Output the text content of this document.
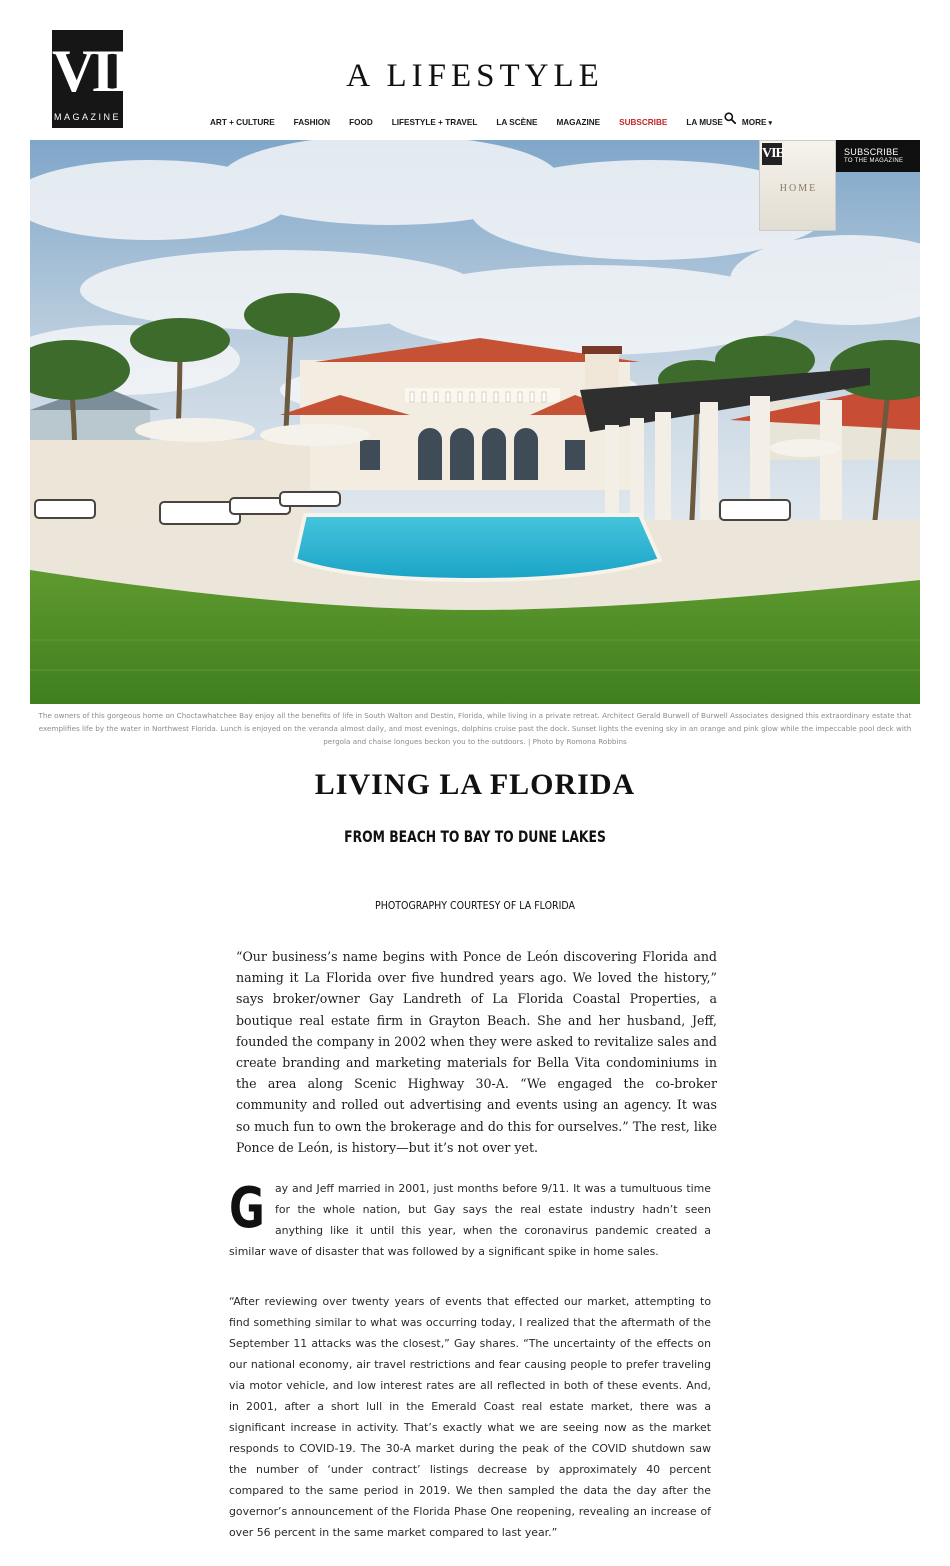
VIE
MAGAZINE
A LIFESTYLE
ART + CULTURE FASHION FOOD LIFESTYLE + TRAVEL LA SCÈNE MAGAZINE SUBSCRIBE LA MUSE MORE ▾
VIE
HOME
SUBSCRIBE
TO THE MAGAZINE

The owners of this gorgeous home on Choctawhatchee Bay enjoy all the benefits of life in South Walton and Destin, Florida, while living in a private retreat. Architect Gerald Burwell of Burwell Associates designed this extraordinary estate that exemplifies life by the water in Northwest Florida. Lunch is enjoyed on the veranda almost daily, and most evenings, dolphins cruise past the dock. Sunset lights the evening sky in an orange and pink glow while the impeccable pool deck with pergola and chaise longues beckon you to the outdoors. | Photo by Romona Robbins

LIVING LA FLORIDA
FROM BEACH TO BAY TO DUNE LAKES
PHOTOGRAPHY COURTESY OF LA FLORIDA

“Our business’s name begins with Ponce de León discovering Florida and naming it La Florida over five hundred years ago. We loved the history,” says broker/owner Gay Landreth of La Florida Coastal Properties, a boutique real estate firm in Grayton Beach. She and her husband, Jeff, founded the company in 2002 when they were asked to revitalize sales and create branding and marketing materials for Bella Vita condominiums in the area along Scenic Highway 30-A. “We engaged the co-broker community and rolled out advertising and events using an agency. It was so much fun to own the brokerage and do this for ourselves.” The rest, like Ponce de León, is history—but it’s not over yet.

Gay and Jeff married in 2001, just months before 9/11. It was a tumultuous time for the whole nation, but Gay says the real estate industry hadn’t seen anything like it until this year, when the coronavirus pandemic created a similar wave of disaster that was followed by a significant spike in home sales.

“After reviewing over twenty years of events that effected our market, attempting to find something similar to what was occurring today, I realized that the aftermath of the September 11 attacks was the closest,” Gay shares. “The uncertainty of the effects on our national economy, air travel restrictions and fear causing people to prefer traveling via motor vehicle, and low interest rates are all reflected in both of these events. And, in 2001, after a short lull in the Emerald Coast real estate market, there was a significant increase in activity. That’s exactly what we are seeing now as the market responds to COVID-19. The 30-A market during the peak of the COVID shutdown saw the number of ‘under contract’ listings decrease by approximately 40 percent compared to the same period in 2019. We then sampled the data the day after the governor’s announcement of the Florida Phase One reopening, revealing an increase of over 56 percent in the same market compared to last year.”
